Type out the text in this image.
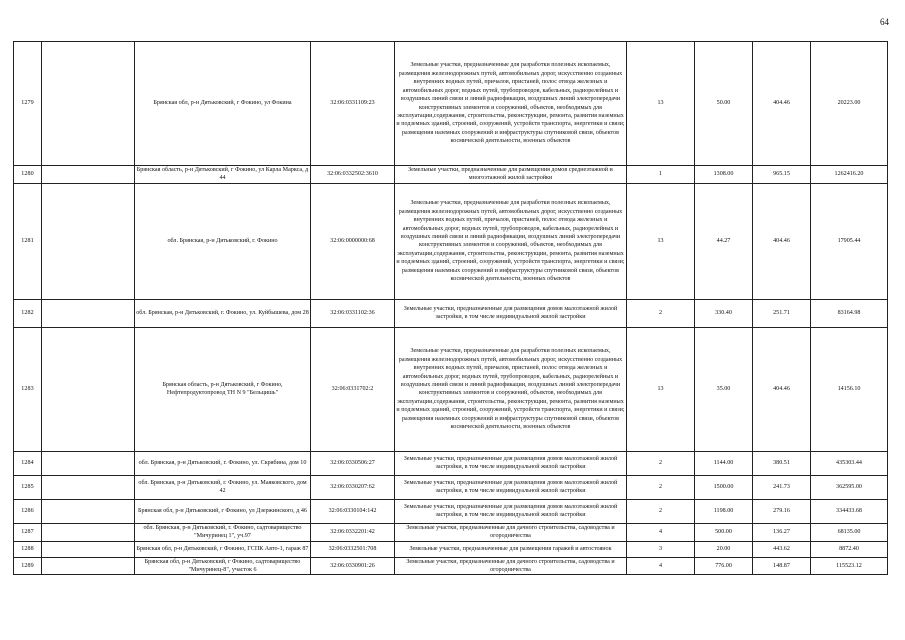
64
1279		Брянская обл, р-н Дятьковский, г Фокино, ул Фокина	32:06:0331109:23	Земельные участки, предназначенные для разработки полезных ископаемых, размещения железнодорожных путей, автомобильных дорог, искусственно созданных внутренних водных путей, причалов, пристаней, полос отвода железных и автомобильных дорог, водных путей, трубопроводов, кабельных, радиорелейных и воздушных линий связи и линий радиофикации, воздушных линий электропередачи конструктивных элементов и сооружений, объектов, необходимых для эксплуатации,содержания, строительства, реконструкции, ремонта, развития наземных и подземных зданий, строений, сооружений, устройств транспорта, энергетики и связи; размещения наземных сооружений и инфраструктуры спутниковой связи, объектов космической деятельности, военных объектов	13	50.00	404.46	20223.00
1280		Брянская область, р-н Дятьковский, г Фокино, ул Карла Маркса, д 44	32:06:0332502:3610	Земельные участки, предназначенные для размещения домов среднеэтажной и многоэтажной жилой застройки	1	1308.00	965.15	1262416.20
1281		обл. Брянская, р-н Дятьковский, г. Фокино	32:06:0000000:68	Земельные участки, предназначенные для разработки полезных ископаемых, размещения железнодорожных путей, автомобильных дорог, искусственно созданных внутренних водных путей, причалов, пристаней, полос отвода железных и автомобильных дорог, водных путей, трубопроводов, кабельных, радиорелейных и воздушных линий связи и линий радиофикации, воздушных линий электропередачи конструктивных элементов и сооружений, объектов, необходимых для эксплуатации,содержания, строительства, реконструкции, ремонта, развития наземных и подземных зданий, строений, сооружений, устройств транспорта, энергетики и связи; размещения наземных сооружений и инфраструктуры спутниковой связи, объектов космической деятельности, военных объектов	13	44.27	404.46	17905.44
1282		обл. Брянская, р-н Дятьковский, г. Фокино, ул. Куйбышева, дом 28	32:06:0331102:36	Земельные участки, предназначенные для размещения домов малоэтажной жилой застройки, в том числе индивидуальной жилой застройки	2	330.40	251.71	83164.98
1283		Брянская область, р-н Дятьковский, г Фокино, Нефтепродуктопровод ТН N 9 "Бельцишь"	32:06:0331702:2	Земельные участки, предназначенные для разработки полезных ископаемых, размещения железнодорожных путей, автомобильных дорог, искусственно созданных внутренних водных путей, причалов, пристаней, полос отвода железных и автомобильных дорог, водных путей, трубопроводов, кабельных, радиорелейных и воздушных линий связи и линий радиофикации, воздушных линий электропередачи конструктивных элементов и сооружений, объектов, необходимых для эксплуатации,содержания, строительства, реконструкции, ремонта, развития наземных и подземных зданий, строений, сооружений, устройств транспорта, энергетики и связи; размещения наземных сооружений и инфраструктуры спутниковой связи, объектов космической деятельности, военных объектов	13	35.00	404.46	14156.10
1284		обл. Брянская, р-н Дятьковский, г. Фокино, ул. Скрябина, дом 10	32:06:0330506:27	Земельные участки, предназначенные для размещения домов малоэтажной жилой застройки, в том числе индивидуальной жилой застройки	2	1144.00	380.51	435303.44
1285		обл. Брянская, р-н Дятьковский, г. Фокино, ул. Маяковского, дом 42	32:06:0330207:62	Земельные участки, предназначенные для размещения домов малоэтажной жилой застройки, в том числе индивидуальной жилой застройки	2	1500.00	241.73	362595.00
1286		Брянская обл, р-н Дятьковский, г Фокино, ул Дзержинского, д 46	32:06:0330104:142	Земельные участки, предназначенные для размещения домов малоэтажной жилой застройки, в том числе индивидуальной жилой застройки	2	1198.00	279.16	334433.68
1287		обл. Брянская, р-н Дятьковский, г. Фокино, садтоварищество "Мичуринец 1", уч.97	32:06:0332201:42	Земельные участки, предназначенные для дачного строительства, садоводства и огородничества	4	500.00	136.27	68135.00
1288		Брянская обл, р-н Дятьковский, г Фокино, ГСПК Авто-1, гараж 87	32:06:0332501:708	Земельные участки, предназначенные для размещения гаражей и автостоянок	3	20.00	443.62	8872.40
1289		Брянская обл, р-н Дятьковский, г Фокино, садтоварищество "Мичуринец-8", участок 6	32:06:0330901:26	Земельные участки, предназначенные для дачного строительства, садоводства и огородничества	4	776.00	148.87	115523.12
